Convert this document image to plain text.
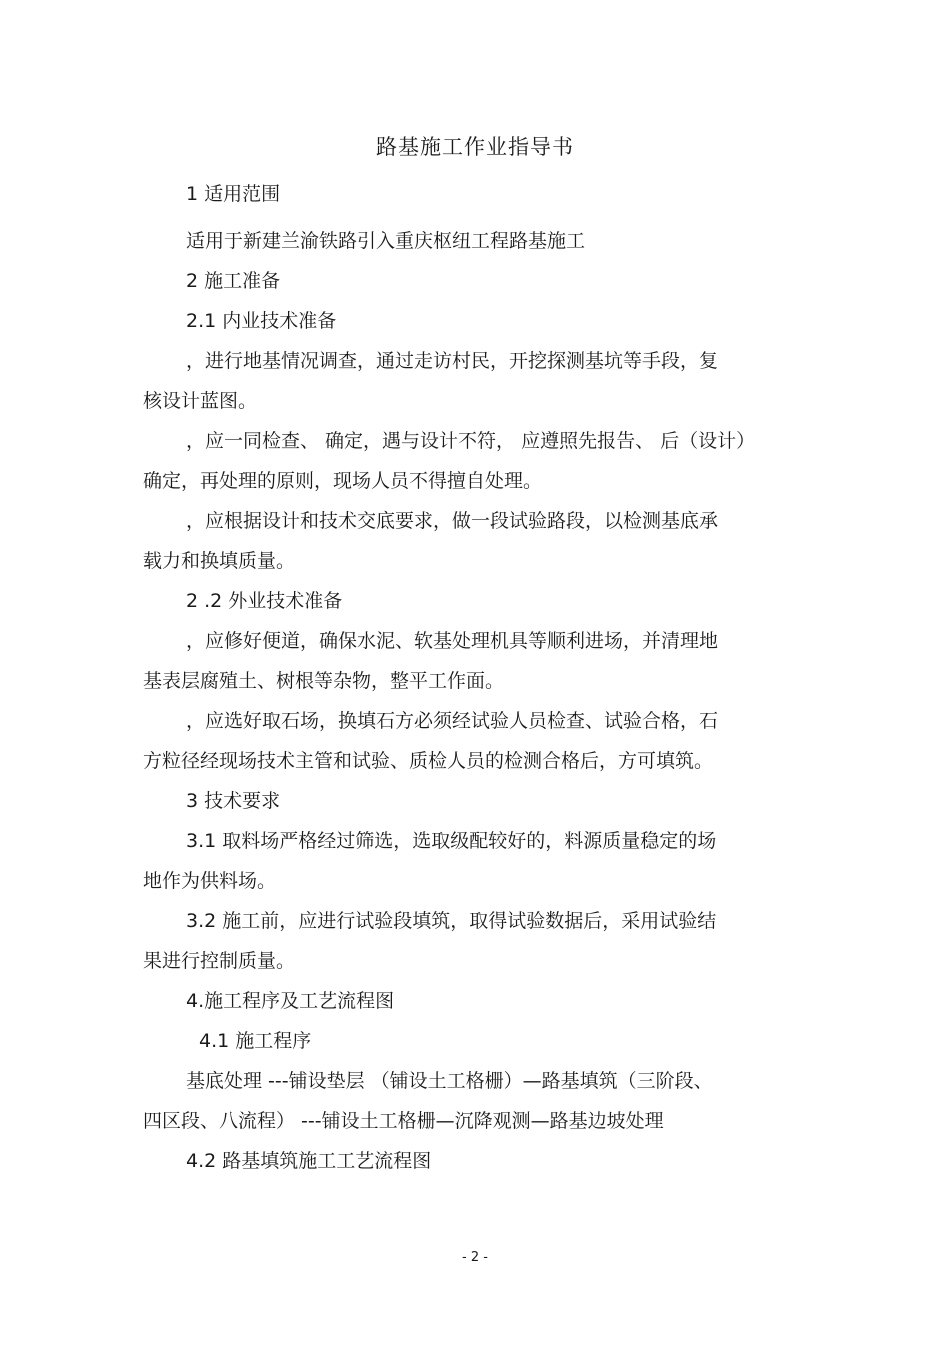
路基施工作业指导书
1 适用范围
适用于新建兰渝铁路引入重庆枢纽工程路基施工
2 施工准备
2.1 内业技术准备
，进行地基情况调查，通过走访村民，开挖探测基坑等手段，复
核设计蓝图。
，应一同检查、 确定，遇与设计不符， 应遵照先报告、 后（设计）
确定，再处理的原则，现场人员不得擅自处理。
，应根据设计和技术交底要求，做一段试验路段，以检测基底承
载力和换填质量。
2 .2 外业技术准备
，应修好便道，确保水泥、软基处理机具等顺利进场，并清理地
基表层腐殖土、树根等杂物，整平工作面。
，应选好取石场，换填石方必须经试验人员检查、试验合格，石
方粒径经现场技术主管和试验、质检人员的检测合格后，方可填筑。
3 技术要求
3.1 取料场严格经过筛选，选取级配较好的，料源质量稳定的场
地作为供料场。
3.2 施工前，应进行试验段填筑，取得试验数据后，采用试验结
果进行控制质量。
4.施工程序及工艺流程图
4.1 施工程序
基底处理 ---铺设垫层 （铺设土工格栅）—路基填筑（三阶段、
四区段、八流程） ---铺设土工格栅—沉降观测—路基边坡处理
4.2 路基填筑施工工艺流程图
- 2 -
